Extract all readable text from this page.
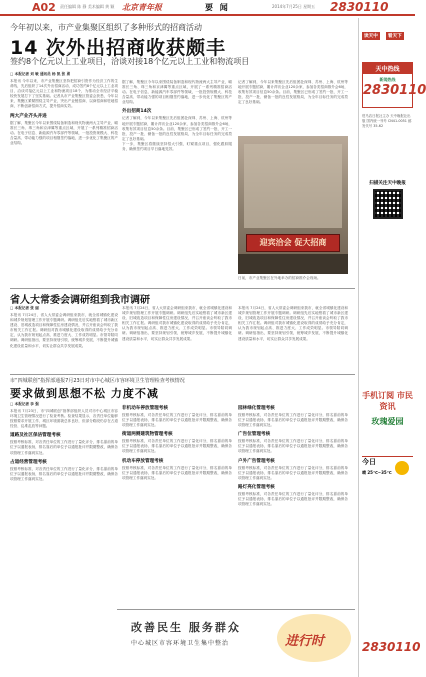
A02 责任编辑 陈 静 美术编辑 黄 颖 北京青年报	要 闻	2014年7月25日 星期五 2830110
今年初以来，市产业集聚区组织了多种形式的招商活动
14 次外出招商收获颇丰
签约8个亿元以上工业项目，洽谈对接18个亿元以上工业和物流项目
□ 本报记者 刘 敏 通讯员 杨 凯 张 勇
本报讯 今年以来，市产业集聚区坚持把招商引资作为经济工作的生命线，先后组织了14次外出招商活动，成功签约8个亿元以上工业项目，洽谈对接亿元以上工业和物流项目18个，为推动全市经济平稳较快发展打下了坚实基础。记者从市产业集聚区管委会获悉，今年以来，集聚区紧紧围绕主导产业，突出产业链招商、以商招商和驻地招商，不断创新招商方式，提升招商实效。
两大产业齐头并进
据了解，集聚区今年以来围绕装备制造和现代物流两大主导产业，瞄准长三角、珠三角和京津冀等重点区域，开展了一系列精准招商活动。在电子信息、新能源汽车零部件等领域，一批投资规模大、科技含量高、带动能力强的项目相继签约落地，进一步优化了集聚区的产业结构。
据了解，集聚区今年以来围绕装备制造和现代物流两大主导产业，瞄准长三角、珠三角和京津冀等重点区域，开展了一系列精准招商活动。在电子信息、新能源汽车零部件等领域，一批投资规模大、科技含量高、带动能力强的项目相继签约落地，进一步优化了集聚区的产业结构。
外出招商14次
记者了解到，今年以来集聚区先后组团赴深圳、苏州、上海、杭州等地开展专题招商，累计拜访企业120余家，参加各类招商推介会6场，收集有效项目信息50余条。目前，集聚区已形成了签约一批、开工一批、投产一批、储备一批的良性发展格局，为全年目标任务的完成奠定了良好基础。
下一步，集聚区将继续坚持招大引强，盯紧重点项目，强化跟踪服务，确保签约项目早日落地见效。
记者了解到，今年以来集聚区先后组团赴深圳、苏州、上海、杭州等地开展专题招商，累计拜访企业120余家，参加各类招商推介会6场，收集有效项目信息50余条。目前，集聚区已形成了签约一批、开工一批、投产一批、储备一批的良性发展格局，为全年目标任务的完成奠定了良好基础。
迎宾洽会 促大招商
日前，市产业集聚区在外地举办的招商推介会现场。
省人大常委会调研组到我市调研
□ 本报记者 张 丽
本报讯 7月24日，省人大常委会调研组来我市，就全省城镇化建设和城乡规划管理工作开展专题调研。调研组先后实地察看了城市新区建设、旧城改造项目和保障性住房建设情况，并召开座谈会听取了我市相关工作汇报。调研组对我市城镇化建设取得的成绩给予充分肯定，认为我市规划起点高、推进力度大、工作成效明显。市领导陪同调研。调研组指出，要坚持规划引领，统筹城乡发展，不断提升城镇化建设质量和水平，切实让群众共享发展成果。
本报讯 7月24日，省人大常委会调研组来我市，就全省城镇化建设和城乡规划管理工作开展专题调研。调研组先后实地察看了城市新区建设、旧城改造项目和保障性住房建设情况，并召开座谈会听取了我市相关工作汇报。调研组对我市城镇化建设取得的成绩给予充分肯定，认为我市规划起点高、推进力度大、工作成效明显。市领导陪同调研。调研组指出，要坚持规划引领，统筹城乡发展，不断提升城镇化建设质量和水平，切实让群众共享发展成果。
本报讯 7月24日，省人大常委会调研组来我市，就全省城镇化建设和城乡规划管理工作开展专题调研。调研组先后实地察看了城市新区建设、旧城改造项目和保障性住房建设情况，并召开座谈会听取了我市相关工作汇报。调研组对我市城镇化建设取得的成绩给予充分肯定，认为我市规划起点高、推进力度大、工作成效明显。市领导陪同调研。调研组指出，要坚持规划引领，统筹城乡发展，不断提升城镇化建设质量和水平，切实让群众共享发展成果。
市“四城联创”指挥部通报7月23日对市中心城区市容环境卫生管理检查考核情况
要求做到思想不松 力度不减
□ 本报记者 李 强
本报讯 7月23日，市“四城联创”指挥部组织人员对市中心城区市容环境卫生管理情况进行了检查考核。检查结果显示，各责任单位能够按照要求开展工作，城区环境面貌总体良好，但部分路段仍存在占道经营、乱堆乱放等问题。
道路及社区保洁管理考核
按照考核标准，对各责任单位的工作进行了量化评分，排名靠前的单位予以通报表扬，排名靠后的单位予以通报批评并限期整改，确保各项管理工作落到实处。
占道经营管理考核
按照考核标准，对各责任单位的工作进行了量化评分，排名靠前的单位予以通报表扬，排名靠后的单位予以通报批评并限期整改，确保各项管理工作落到实处。
非机动车停放管理考核
按照考核标准，对各责任单位的工作进行了量化评分，排名靠前的单位予以通报表扬，排名靠后的单位予以通报批评并限期整改，确保各项管理工作落到实处。
街道两侧建筑物管理考核
按照考核标准，对各责任单位的工作进行了量化评分，排名靠前的单位予以通报表扬，排名靠后的单位予以通报批评并限期整改，确保各项管理工作落到实处。
机动车停放管理考核
按照考核标准，对各责任单位的工作进行了量化评分，排名靠前的单位予以通报表扬，排名靠后的单位予以通报批评并限期整改，确保各项管理工作落到实处。
园林绿化管理考核
按照考核标准，对各责任单位的工作进行了量化评分，排名靠前的单位予以通报表扬，排名靠后的单位予以通报批评并限期整改，确保各项管理工作落到实处。
广告位管理考核
按照考核标准，对各责任单位的工作进行了量化评分，排名靠前的单位予以通报表扬，排名靠后的单位予以通报批评并限期整改，确保各项管理工作落到实处。
户外广告管理考核
按照考核标准，对各责任单位的工作进行了量化评分，排名靠前的单位予以通报表扬，排名靠后的单位予以通报批评并限期整改，确保各项管理工作落到实处。
路灯亮化管理考核
按照考核标准，对各责任单位的工作进行了量化评分，排名靠前的单位予以通报表扬，排名靠后的单位予以通报批评并限期整改，确保各项管理工作落到实处。
改善民生 服务群众
中心城区市容环境卫生集中整治	进行时
读天中 看天下
天中热线
新闻热线
2830110
驻马店日报社主办 天中晚报社出版 国内统一刊号 CN41-0051 邮发代号 35-62
扫描关注天中晚报
手机订阅 市民资讯
玫瑰爱园
今日
晴 25℃~35℃
2830110
